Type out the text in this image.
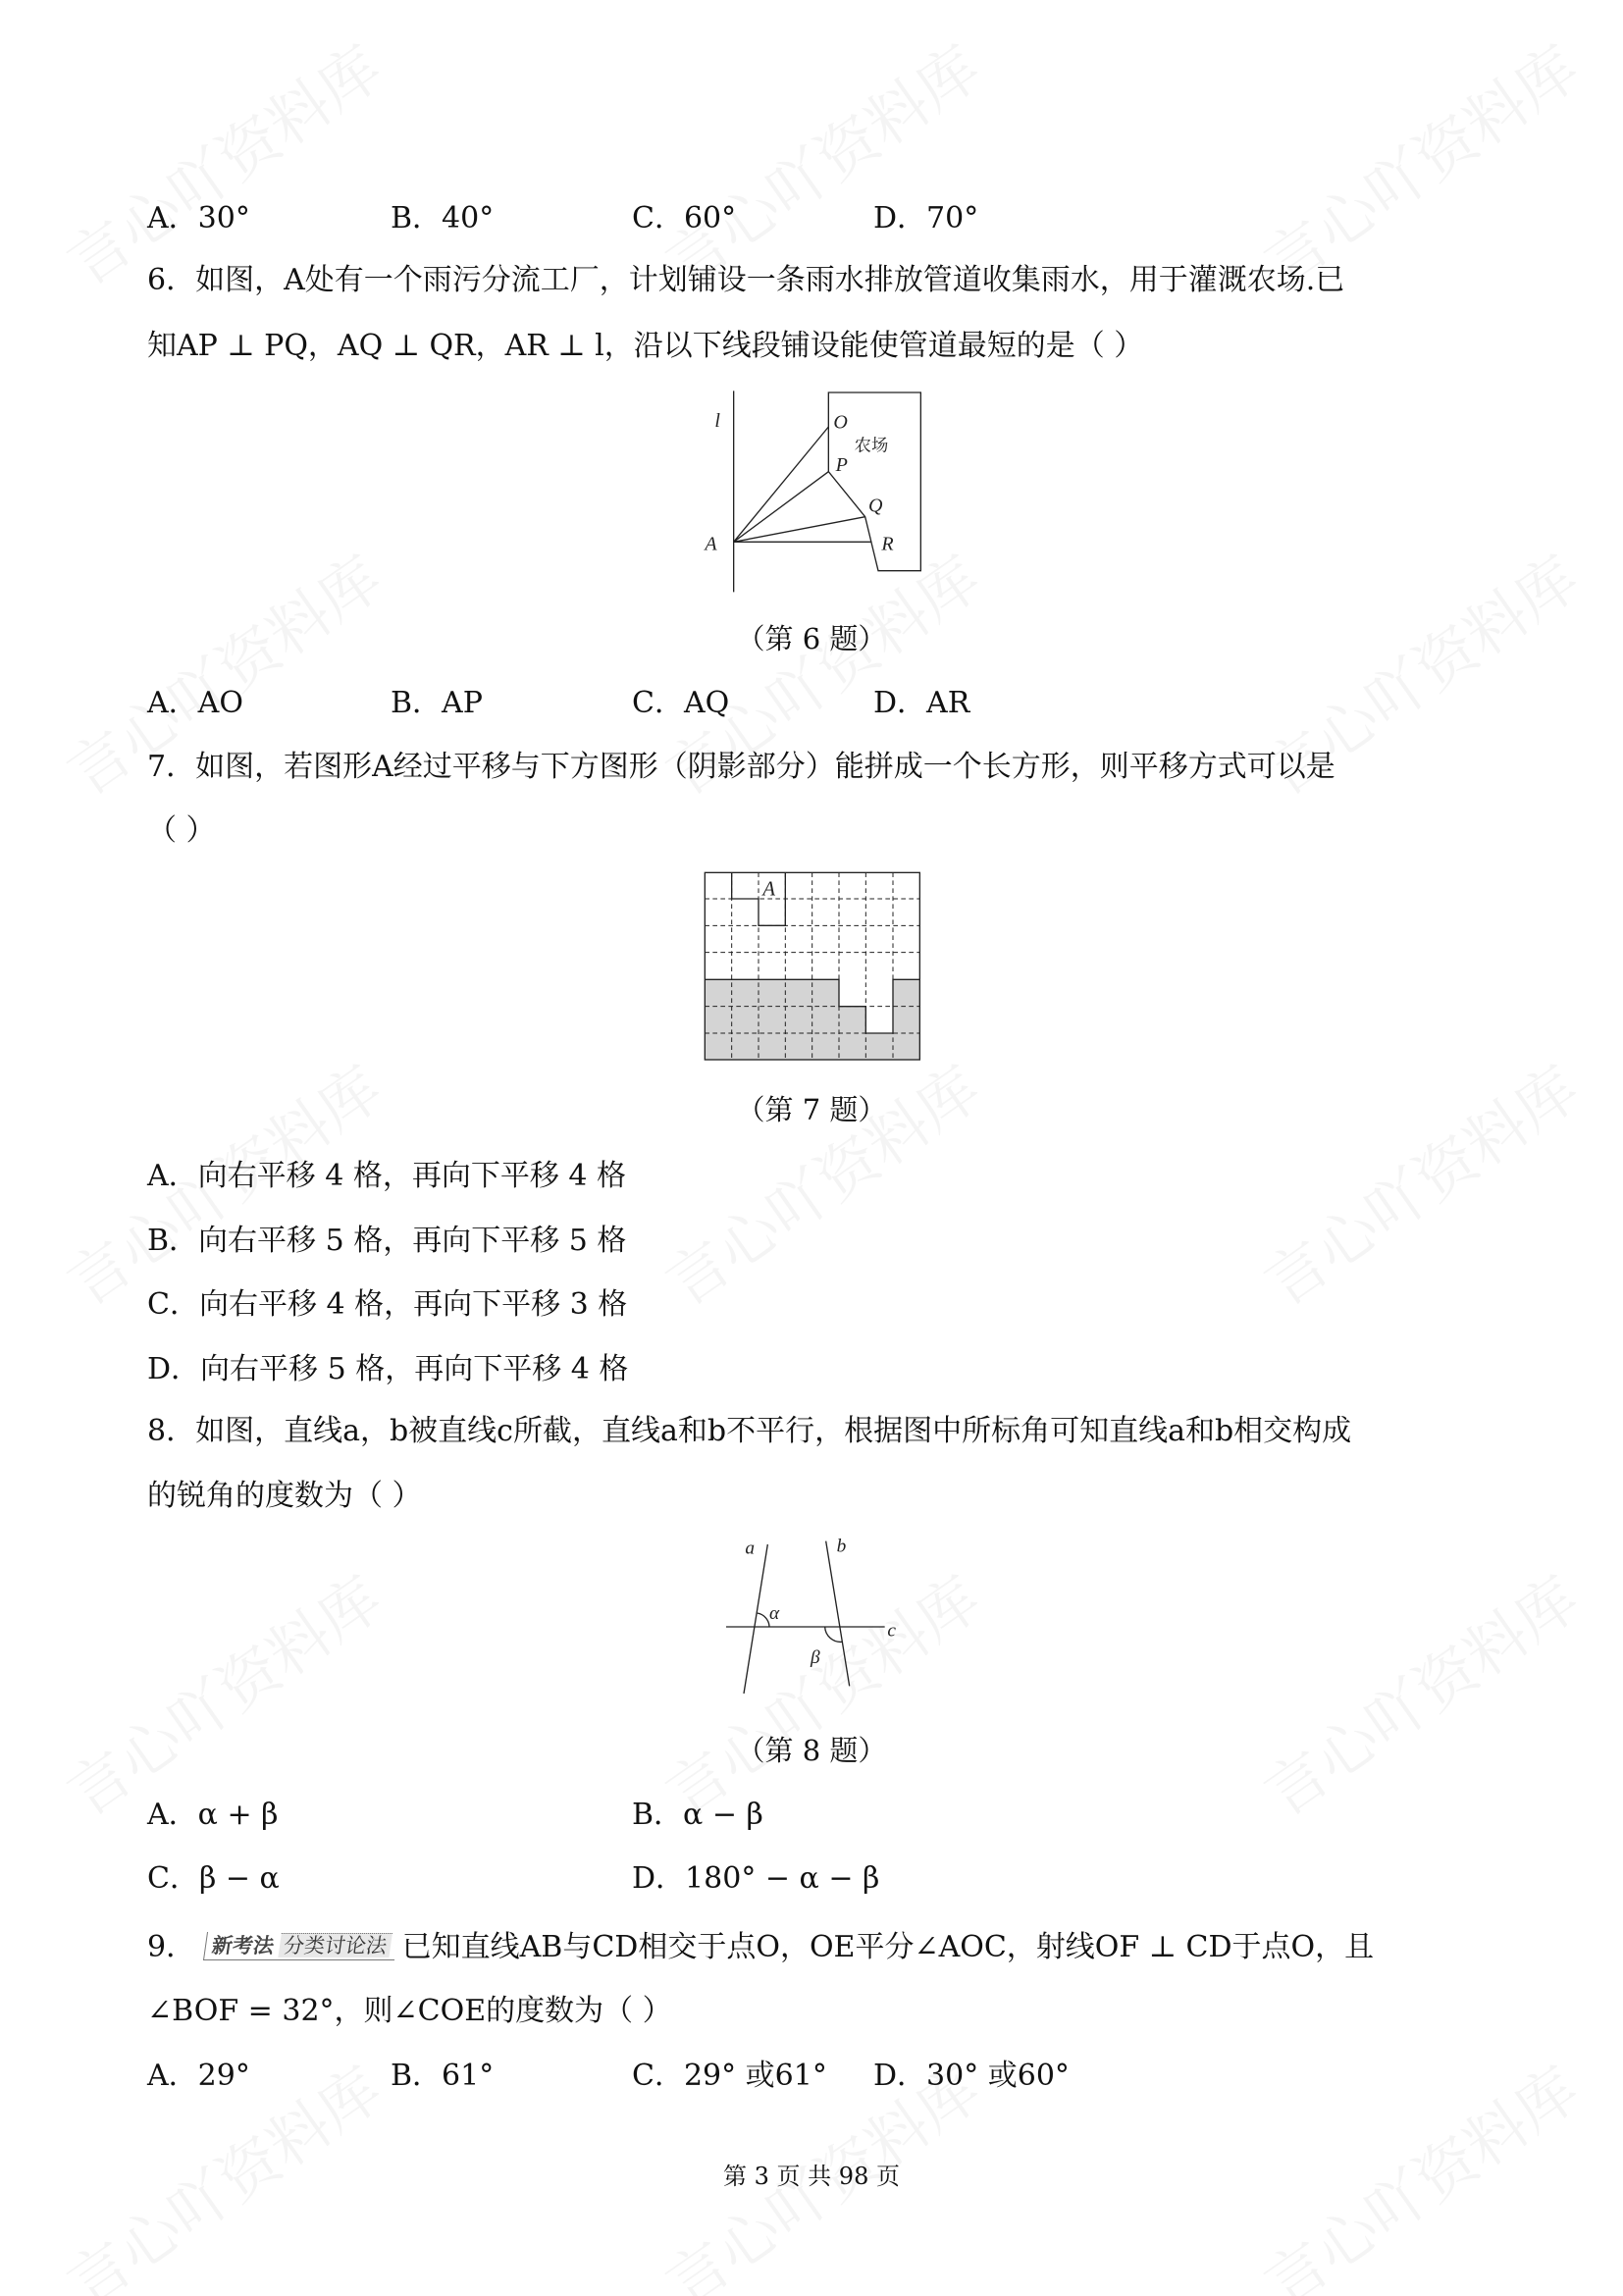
A．30°	B．40°	C．60°	D．70°
6．如图，A处有一个雨污分流工厂，计划铺设一条雨水排放管道收集雨水，用于灌溉农场.已
知AP ⊥ PQ，AQ ⊥ QR，AR ⊥ l，沿以下线段铺设能使管道最短的是（ ）
l O
P
Q
R
A
农场
（第 6 题）
A．AO	B．AP	C．AQ	D．AR
7．如图，若图形A经过平移与下方图形（阴影部分）能拼成一个长方形，则平移方式可以是
（ ）
A
（第 7 题）
A．向右平移 4 格，再向下平移 4 格
B．向右平移 5 格，再向下平移 5 格
C．向右平移 4 格，再向下平移 3 格
D．向右平移 5 格，再向下平移 4 格
8．如图，直线a，b被直线c所截，直线a和b不平行，根据图中所标角可知直线a和b相交构成
的锐角的度数为（ ）
a b
c
α
β
（第 8 题）
A．α + β	B．α − β
C．β − α	D．180° − α − β
9． 新考法 分类讨论法 已知直线AB与CD相交于点O，OE平分∠AOC，射线OF ⊥ CD于点O，且
∠BOF = 32°，则∠COE的度数为（ ）
A．29°	B．61°	C．29° 或61° D．30° 或60°
第 3 页 共 98 页
